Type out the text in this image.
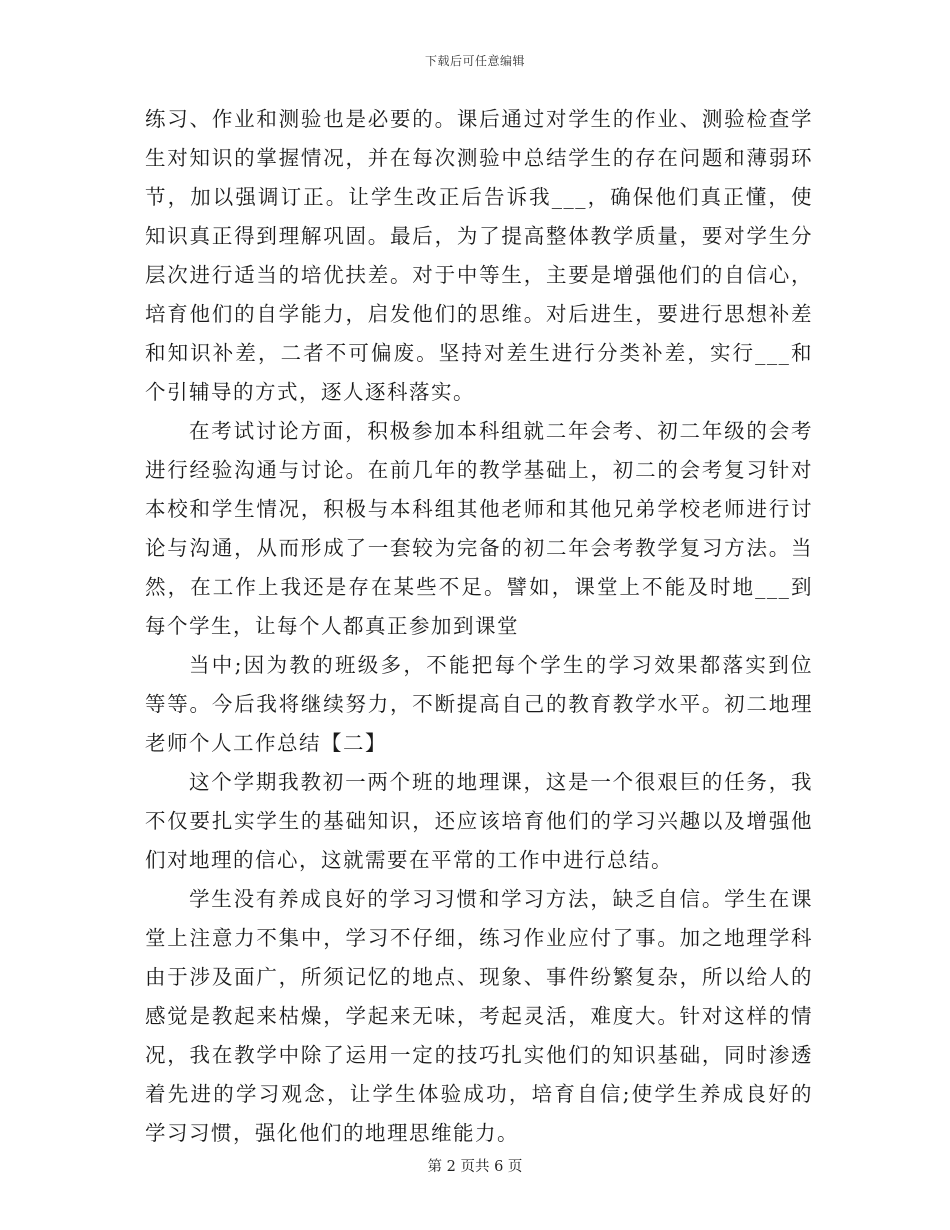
下载后可任意编辑

练习、作业和测验也是必要的。课后通过对学生的作业、测验检查学生对知识的掌握情况，并在每次测验中总结学生的存在问题和薄弱环节，加以强调订正。让学生改正后告诉我___，确保他们真正懂，使知识真正得到理解巩固。最后，为了提高整体教学质量，要对学生分层次进行适当的培优扶差。对于中等生，主要是增强他们的自信心，培育他们的自学能力，启发他们的思维。对后进生，要进行思想补差和知识补差，二者不可偏废。坚持对差生进行分类补差，实行___和个引辅导的方式，逐人逐科落实。

在考试讨论方面，积极参加本科组就二年会考、初二年级的会考进行经验沟通与讨论。在前几年的教学基础上，初二的会考复习针对本校和学生情况，积极与本科组其他老师和其他兄弟学校老师进行讨论与沟通，从而形成了一套较为完备的初二年会考教学复习方法。当然，在工作上我还是存在某些不足。譬如，课堂上不能及时地___到每个学生，让每个人都真正参加到课堂

当中;因为教的班级多，不能把每个学生的学习效果都落实到位等等。今后我将继续努力，不断提高自己的教育教学水平。初二地理老师个人工作总结【二】

这个学期我教初一两个班的地理课，这是一个很艰巨的任务，我不仅要扎实学生的基础知识，还应该培育他们的学习兴趣以及增强他们对地理的信心，这就需要在平常的工作中进行总结。

学生没有养成良好的学习习惯和学习方法，缺乏自信。学生在课堂上注意力不集中，学习不仔细，练习作业应付了事。加之地理学科由于涉及面广，所须记忆的地点、现象、事件纷繁复杂，所以给人的感觉是教起来枯燥，学起来无味，考起灵活，难度大。针对这样的情况，我在教学中除了运用一定的技巧扎实他们的知识基础，同时渗透着先进的学习观念，让学生体验成功，培育自信;使学生养成良好的学习习惯，强化他们的地理思维能力。

第 2 页共 6 页
